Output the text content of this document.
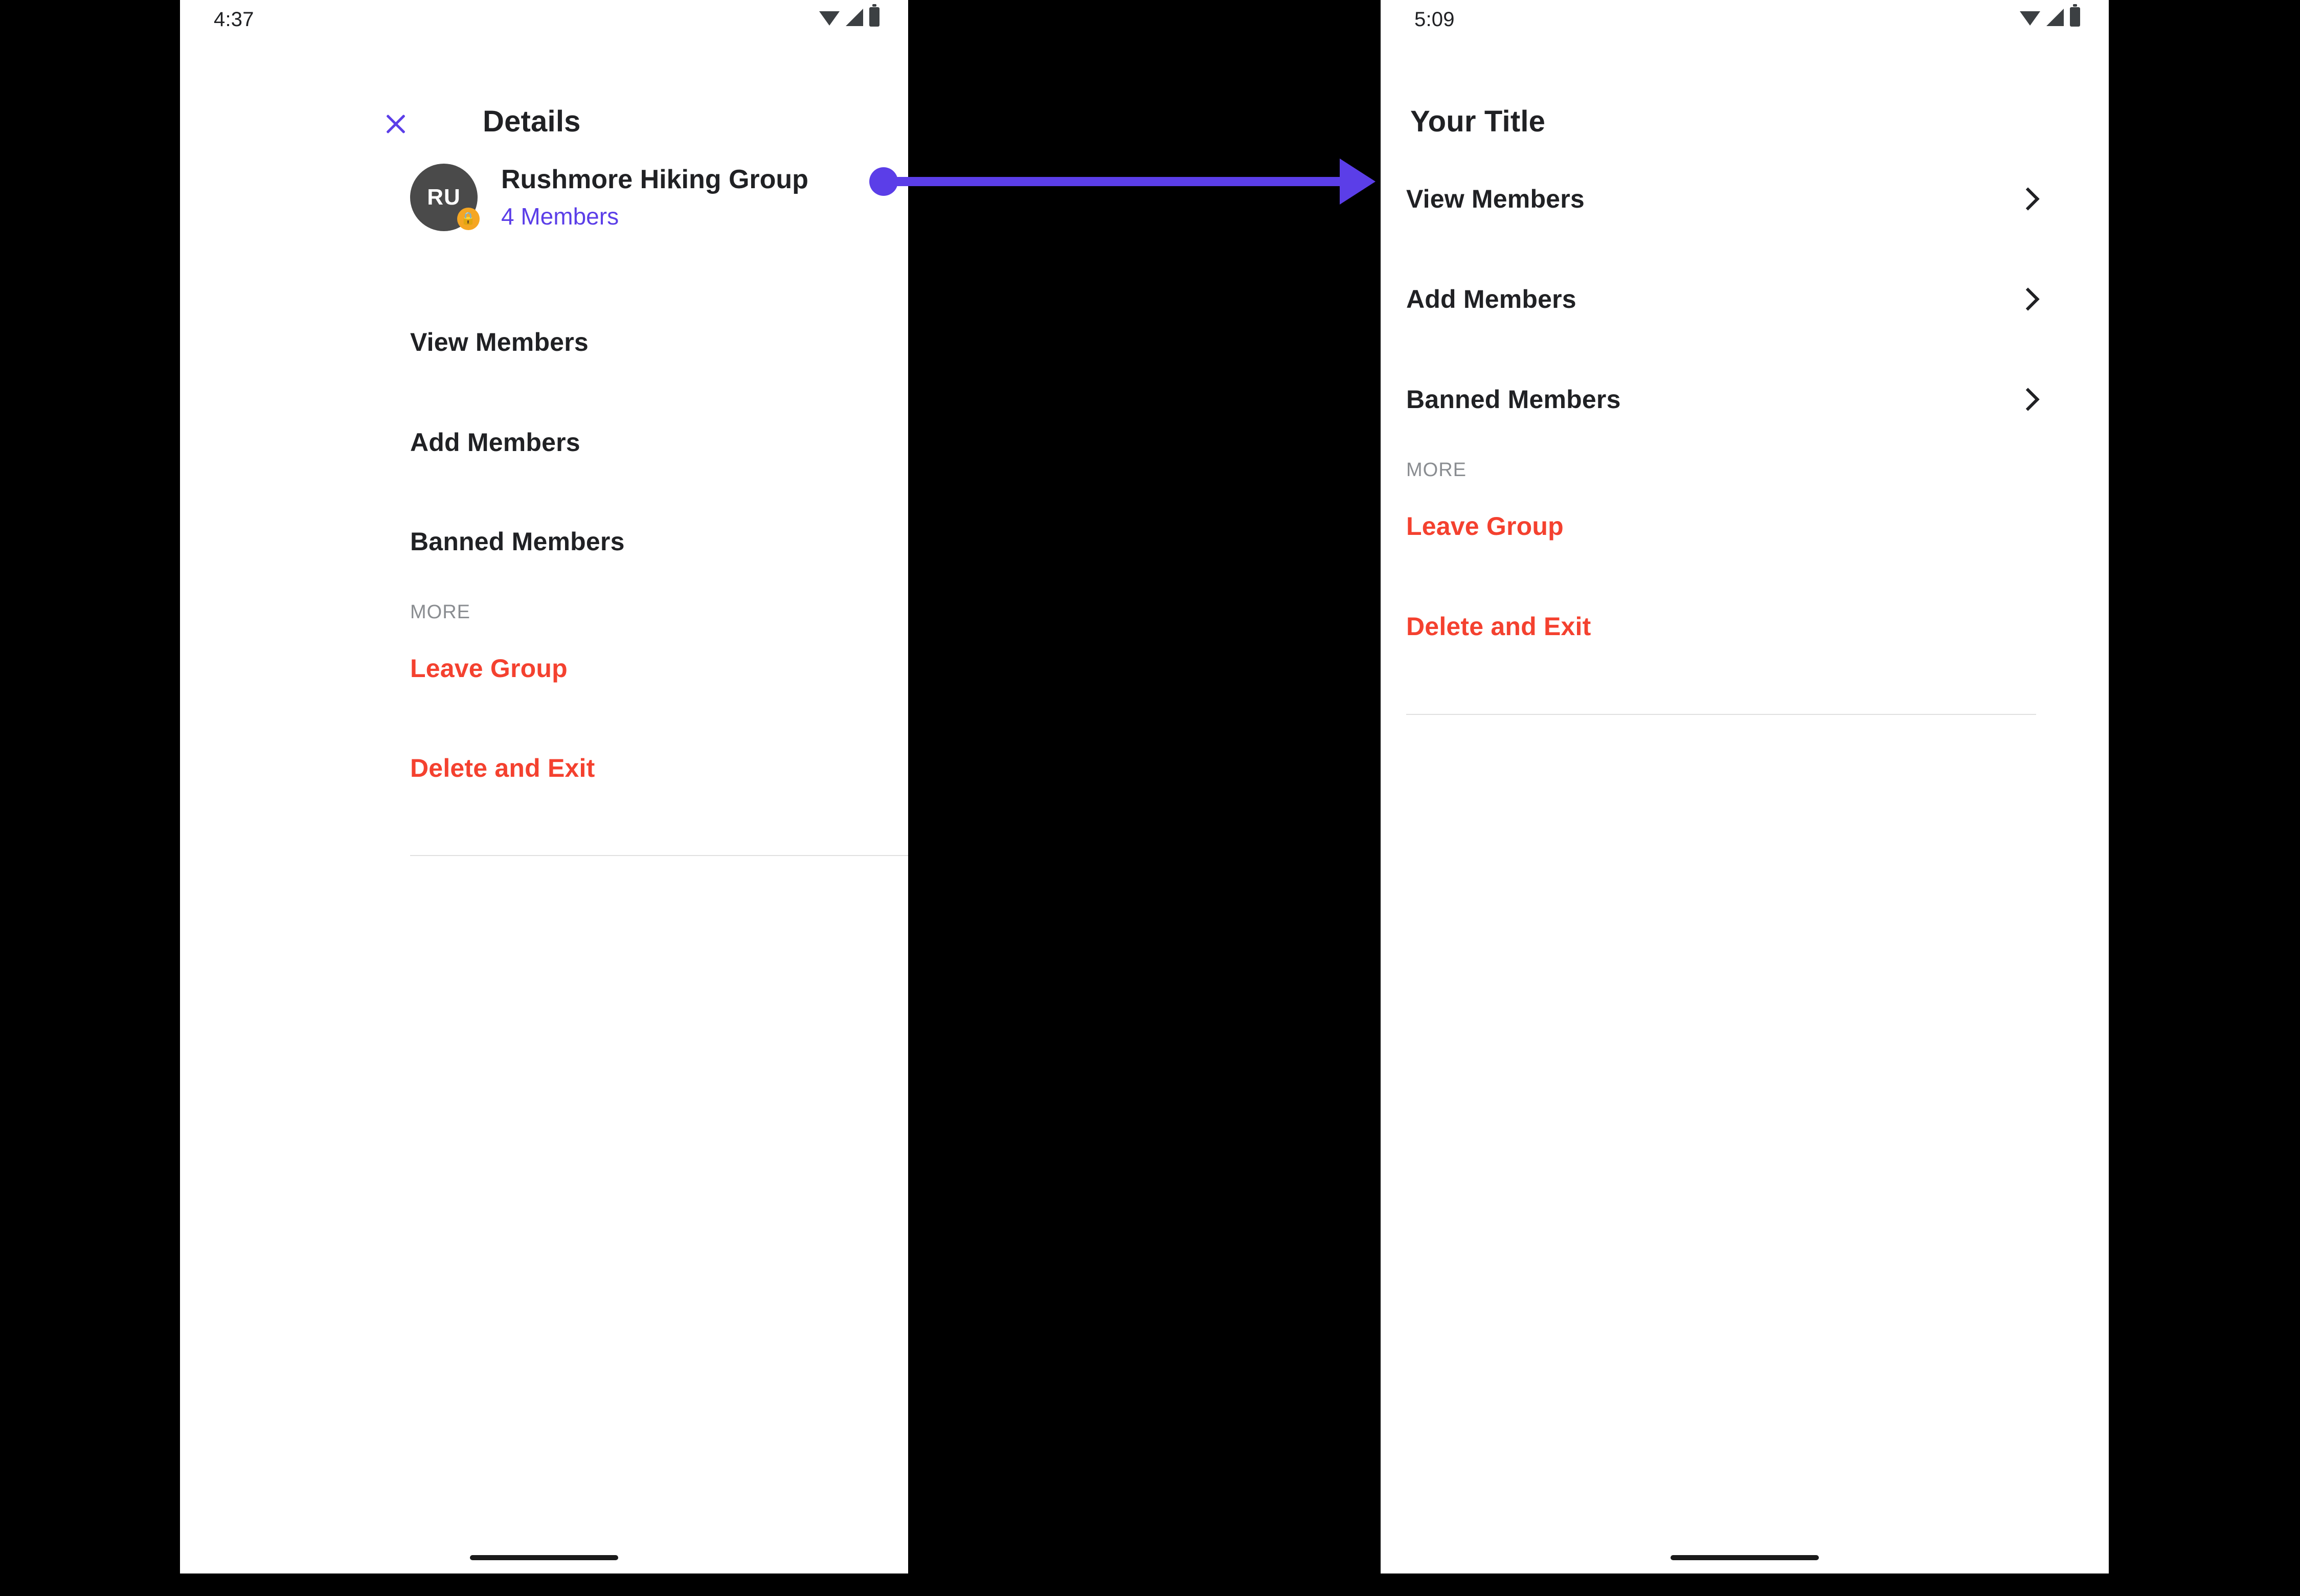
4:37
Details
RU
🔒
Rushmore Hiking Group
4 Members
View Members
Add Members
Banned Members
MORE
Leave Group
Delete and Exit
5:09
Your Title
View Members
Add Members
Banned Members
MORE
Leave Group
Delete and Exit
